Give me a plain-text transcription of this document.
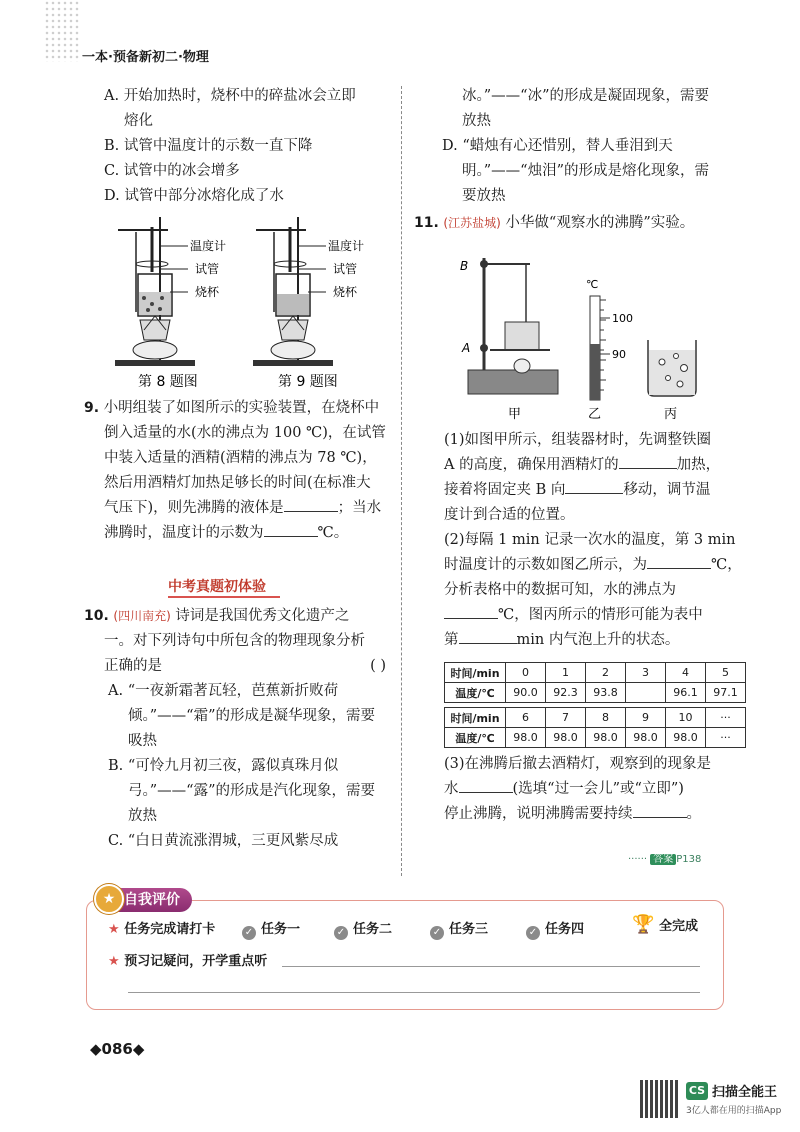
一本·预备新初二·物理
A. 开始加热时，烧杯中的碎盐冰会立即
熔化
B. 试管中温度计的示数一直下降
C. 试管中的冰会增多
D. 试管中部分冰熔化成了水
温度计
试管
烧杯
温度计
试管
烧杯
第 8 题图	第 9 题图
9. 小明组装了如图所示的实验装置，在烧杯中
倒入适量的水(水的沸点为 100 ℃)，在试管
中装入适量的酒精(酒精的沸点为 78 ℃)，
然后用酒精灯加热足够长的时间(在标准大
气压下)，则先沸腾的液体是	；当水
沸腾时，温度计的示数为	℃。
中考真题初体验
10. (四川南充) 诗词是我国优秀文化遗产之
一。对下列诗句中所包含的物理现象分析
正确的是	( )
A. “一夜新霜著瓦轻，芭蕉新折败荷
倾。”——“霜”的形成是凝华现象，需要
吸热
B. “可怜九月初三夜，露似真珠月似
弓。”——“露”的形成是汽化现象，需要
放热
C. “白日黄流涨渭城，三更风紫尽成
冰。”——“冰”的形成是凝固现象，需要
放热
D. “蜡烛有心还惜别，替人垂泪到天
明。”——“烛泪”的形成是熔化现象，需
要放热
11. (江苏盐城) 小华做“观察水的沸腾”实验。
B
A
甲
℃
100
90
乙	丙
(1)如图甲所示，组装器材时，先调整铁圈
A 的高度，确保用酒精灯的	加热，
接着将固定夹 B 向	移动，调节温
度计到合适的位置。
(2)每隔 1 min 记录一次水的温度，第 3 min
时温度计的示数如图乙所示，为	℃，
分析表格中的数据可知，水的沸点为
℃，图丙所示的情形可能为表中
第	min 内气泡上升的状态。
时间/min	0	1	2	3	4	5
温度/℃	90.0	92.3	93.8		96.1	97.1
时间/min	6	7	8	9	10	···
温度/℃	98.0	98.0	98.0	98.0	98.0	···
(3)在沸腾后撤去酒精灯，观察到的现象是
水	(选填“过一会儿”或“立即”)
停止沸腾，说明沸腾需要持续	。
······ 答案 P138
自我评价
★
★ 任务完成请打卡	✓ 任务一	✓ 任务二	✓ 任务三	✓ 任务四	🏆 全完成
★ 预习记疑问，开学重点听
◆086◆
CS 扫描全能王
3亿人都在用的扫描App
